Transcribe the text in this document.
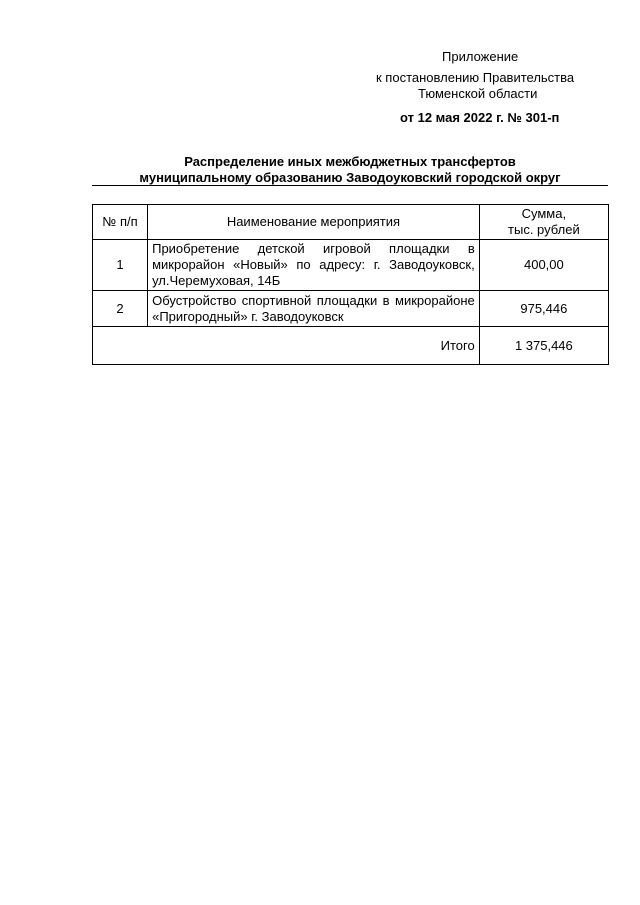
Приложение
к постановлению Правительства
Тюменской области
от 12 мая 2022 г. № 301-п
Распределение иных межбюджетных трансфертов
муниципальному образованию Заводоуковский городской округ
№ п/п	Наименование мероприятия	Сумма,
тыс. рублей

1	Приобретение детской игровой площадки в микрорайон «Новый» по адресу: г. Заводоуковск, ул.Черемуховая, 14Б	400,00
2	Обустройство спортивной площадки в микрорайоне «Пригородный» г. Заводоуковск	975,446
Итого		1 375,446
